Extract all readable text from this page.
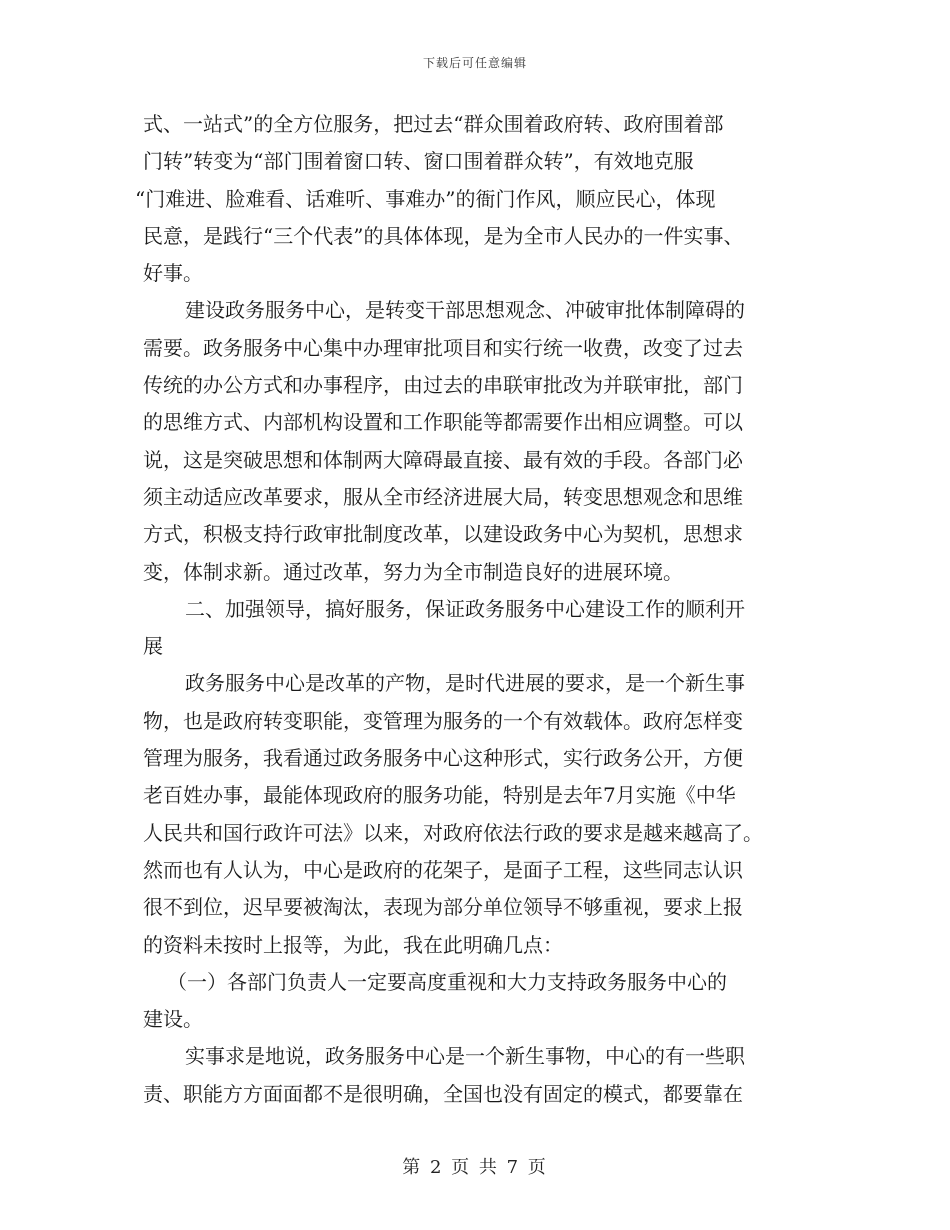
下载后可任意编辑
式、一站式”的全方位服务，把过去“群众围着政府转、政府围着部
门转”转变为“部门围着窗口转、窗口围着群众转”，有效地克服
“门难进、脸难看、话难听、事难办”的衙门作风，顺应民心，体现
民意，是践行“三个代表”的具体体现，是为全市人民办的一件实事、
好事。
建设政务服务中心，是转变干部思想观念、冲破审批体制障碍的
需要。政务服务中心集中办理审批项目和实行统一收费，改变了过去
传统的办公方式和办事程序，由过去的串联审批改为并联审批，部门
的思维方式、内部机构设置和工作职能等都需要作出相应调整。可以
说，这是突破思想和体制两大障碍最直接、最有效的手段。各部门必
须主动适应改革要求，服从全市经济进展大局，转变思想观念和思维
方式，积极支持行政审批制度改革，以建设政务中心为契机，思想求
变，体制求新。通过改革，努力为全市制造良好的进展环境。
二、加强领导，搞好服务，保证政务服务中心建设工作的顺利开
展
政务服务中心是改革的产物，是时代进展的要求，是一个新生事
物，也是政府转变职能，变管理为服务的一个有效载体。政府怎样变
管理为服务，我看通过政务服务中心这种形式，实行政务公开，方便
老百姓办事，最能体现政府的服务功能，特别是去年7月实施《中华
人民共和国行政许可法》以来，对政府依法行政的要求是越来越高了。
然而也有人认为，中心是政府的花架子，是面子工程，这些同志认识
很不到位，迟早要被淘汰，表现为部分单位领导不够重视，要求上报
的资料未按时上报等，为此，我在此明确几点：
（一）各部门负责人一定要高度重视和大力支持政务服务中心的
建设。
实事求是地说，政务服务中心是一个新生事物，中心的有一些职
责、职能方方面面都不是很明确，全国也没有固定的模式，都要靠在
第 2 页 共 7 页
